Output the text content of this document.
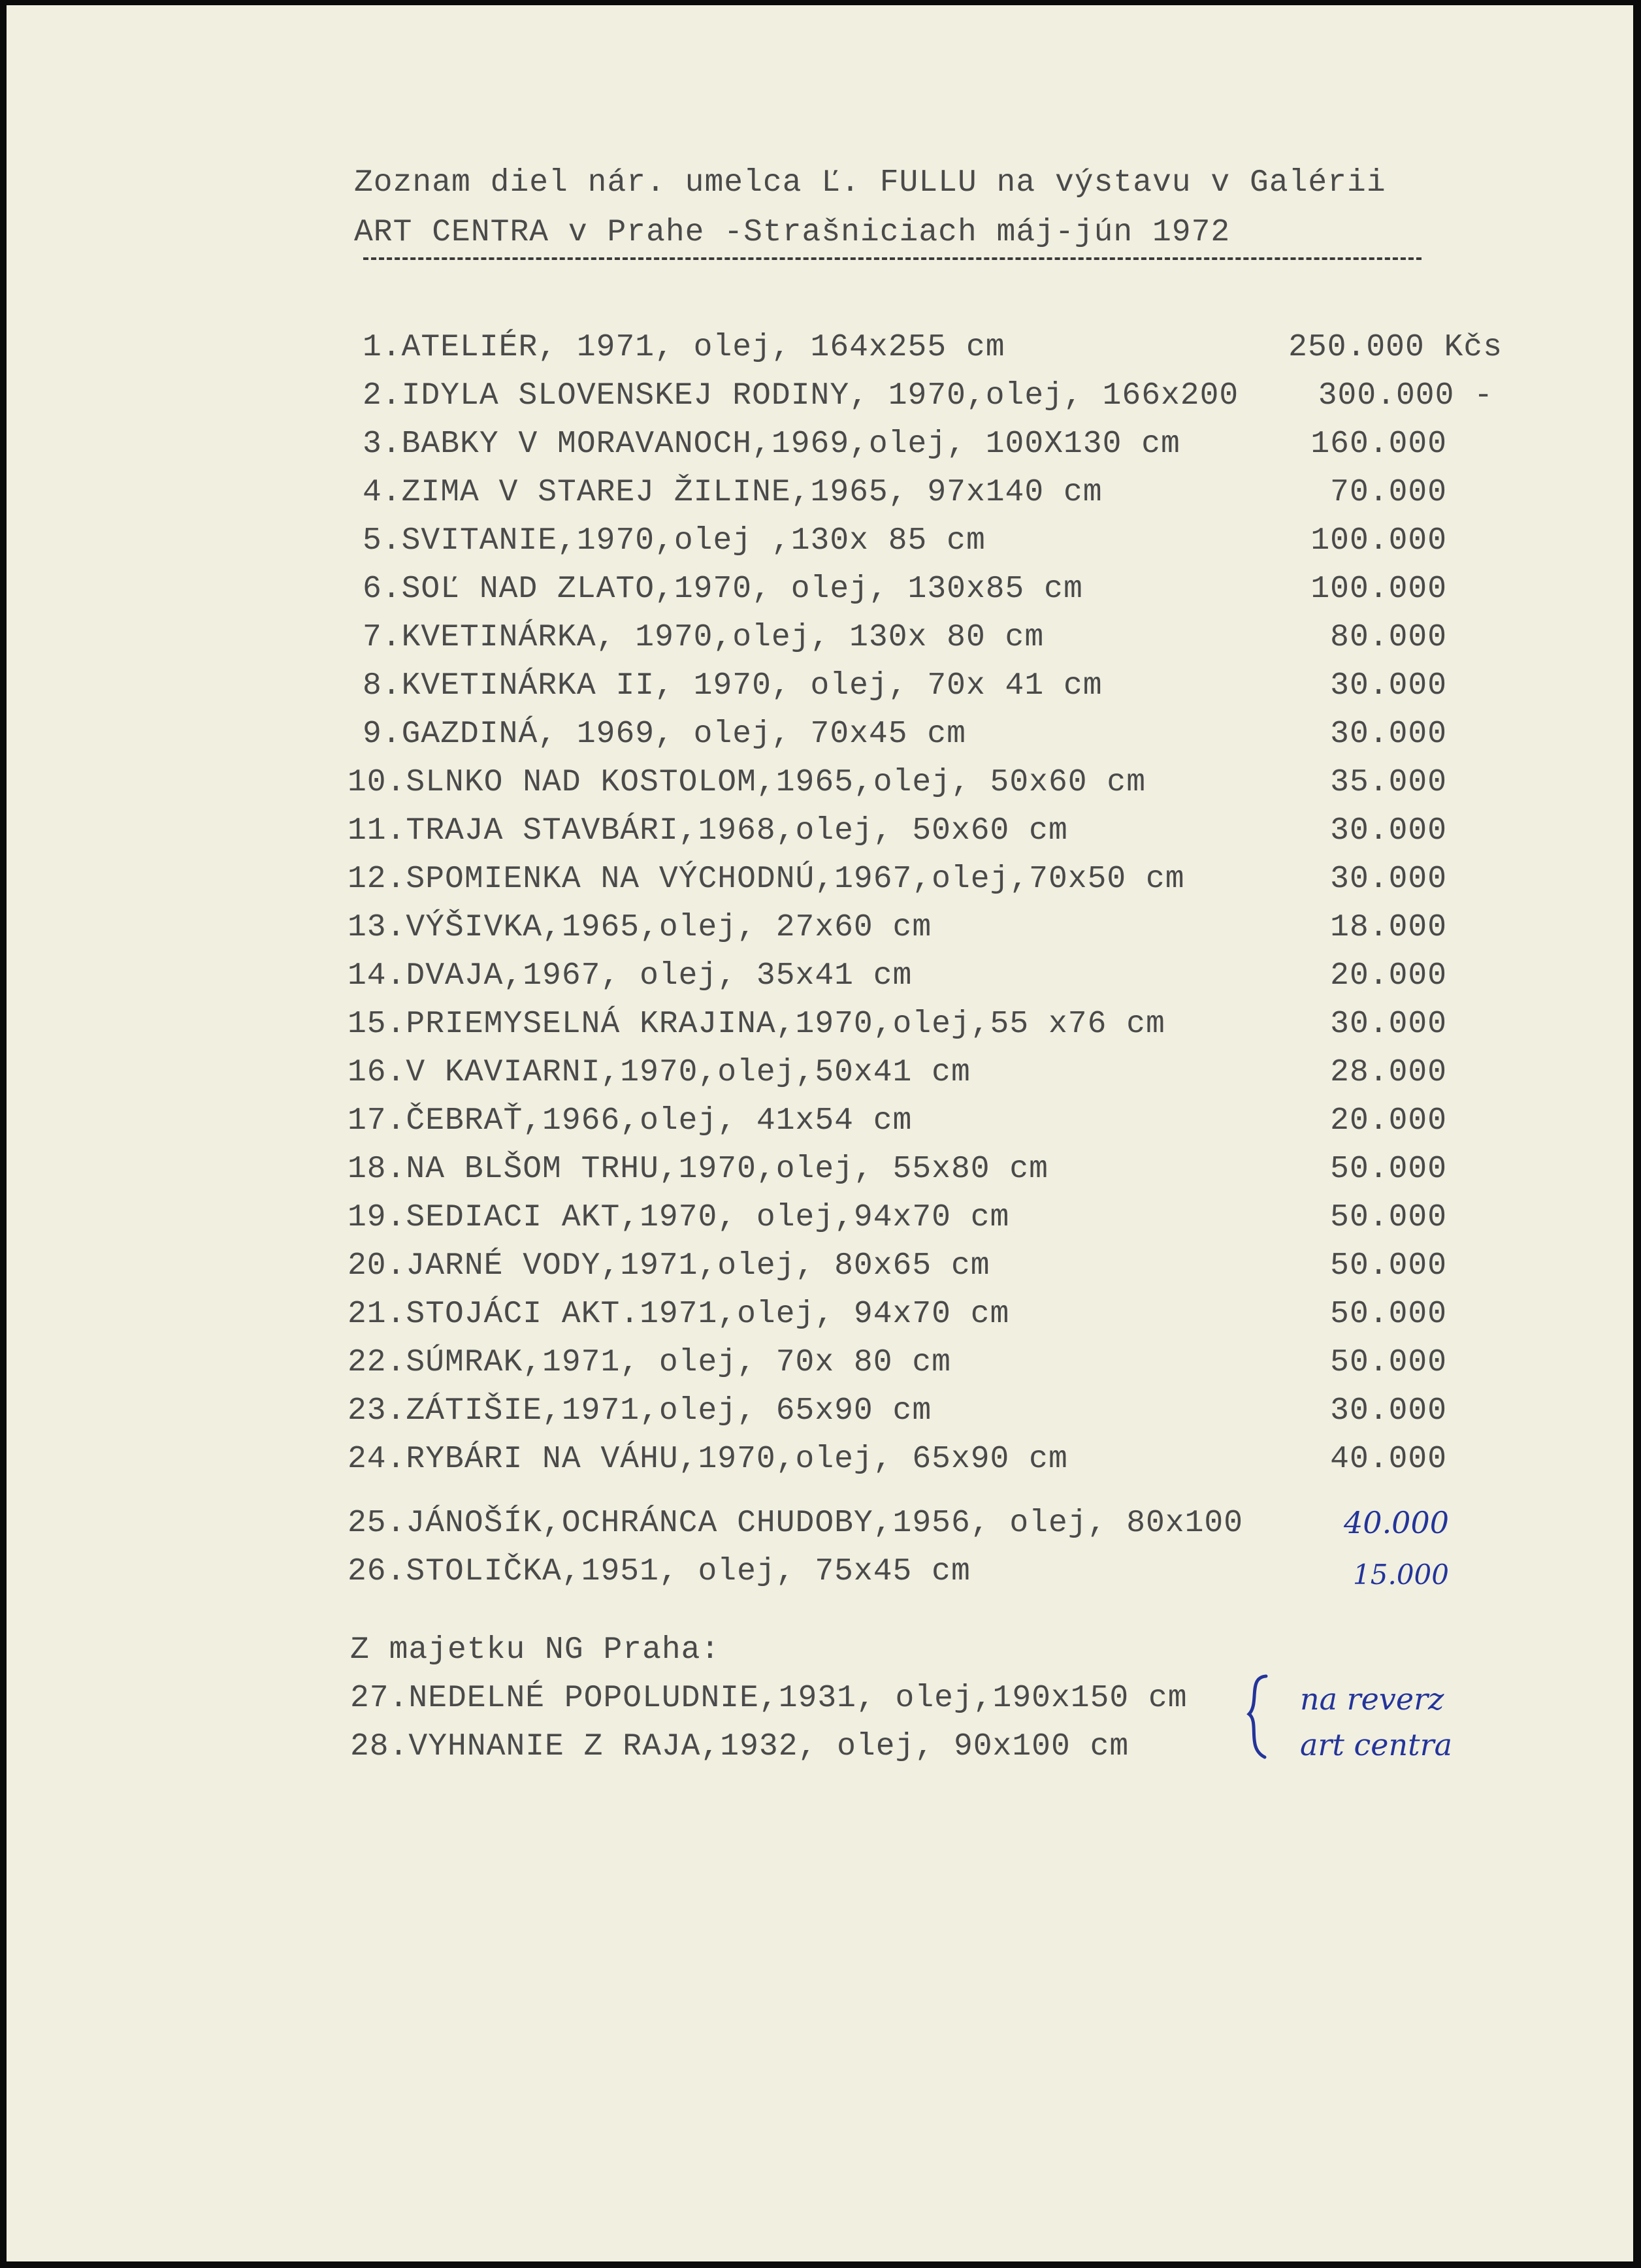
Zoznam diel nár. umelca Ľ. FULLU na výstavu v Galérii
ART CENTRA v Prahe -Strašniciach máj-jún 1972
1.ATELIÉR, 1971, olej, 164x255 cm	250.000 Kčs
2.IDYLA SLOVENSKEJ RODINY, 1970,olej, 166x200	300.000 -
3.BABKY V MORAVANOCH,1969,olej, 100X130 cm	160.000
4.ZIMA V STAREJ ŽILINE,1965, 97x140 cm	70.000
5.SVITANIE,1970,olej ,130x 85 cm	100.000
6.SOĽ NAD ZLATO,1970, olej, 130x85 cm	100.000
7.KVETINÁRKA, 1970,olej, 130x 80 cm	80.000
8.KVETINÁRKA II, 1970, olej, 70x 41 cm	30.000
9.GAZDINÁ, 1969, olej, 70x45 cm	30.000
10.SLNKO NAD KOSTOLOM,1965,olej, 50x60 cm	35.000
11.TRAJA STAVBÁRI,1968,olej, 50x60 cm	30.000
12.SPOMIENKA NA VÝCHODNÚ,1967,olej,70x50 cm	30.000
13.VÝŠIVKA,1965,olej, 27x60 cm	18.000
14.DVAJA,1967, olej, 35x41 cm	20.000
15.PRIEMYSELNÁ KRAJINA,1970,olej,55 x76 cm	30.000
16.V KAVIARNI,1970,olej,50x41 cm	28.000
17.ČEBRAŤ,1966,olej, 41x54 cm	20.000
18.NA BLŠOM TRHU,1970,olej, 55x80 cm	50.000
19.SEDIACI AKT,1970, olej,94x70 cm	50.000
20.JARNÉ VODY,1971,olej, 80x65 cm	50.000
21.STOJÁCI AKT.1971,olej, 94x70 cm	50.000
22.SÚMRAK,1971, olej, 70x 80 cm	50.000
23.ZÁTIŠIE,1971,olej, 65x90 cm	30.000
24.RYBÁRI NA VÁHU,1970,olej, 65x90 cm	40.000
25.JÁNOŠÍK,OCHRÁNCA CHUDOBY,1956, olej, 80x100	40.000
26.STOLIČKA,1951, olej, 75x45 cm	15.000
Z majetku NG Praha:
27.NEDELNÉ POPOLUDNIE,1931, olej,190x150 cm
28.VYHNANIE Z RAJA,1932, olej, 90x100 cm
na reverz
art centra
